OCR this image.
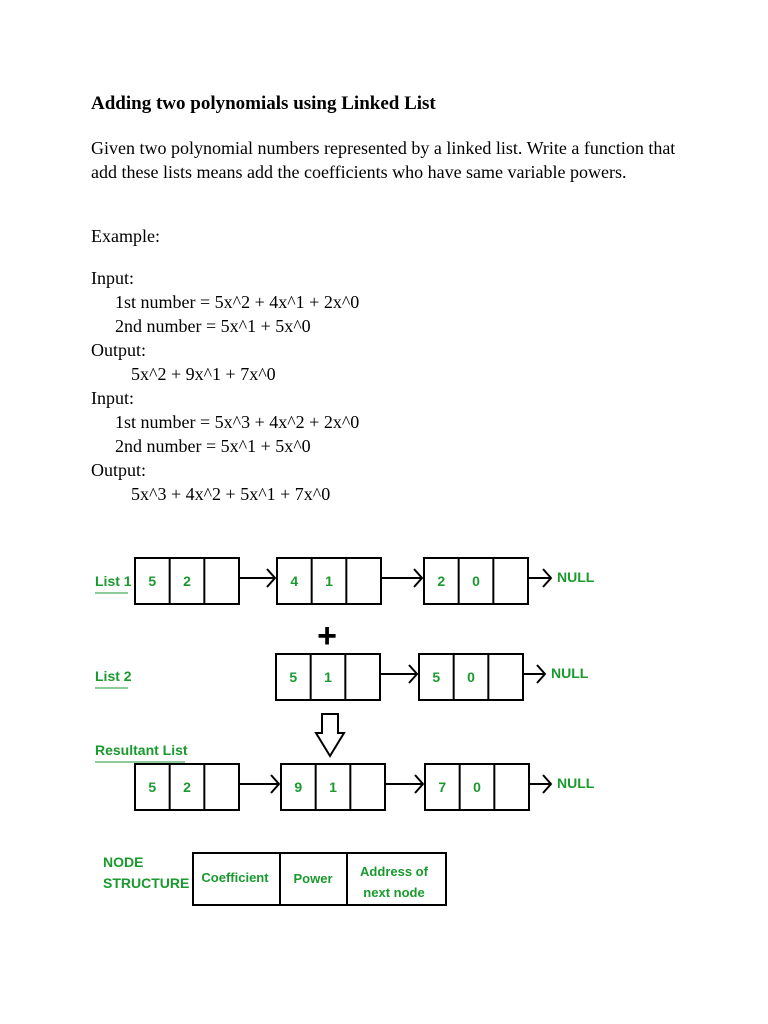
Adding two polynomials using Linked List

Given two polynomial numbers represented by a linked list. Write a function that add these lists means add the coefficients who have same variable powers.

Example:

Input:
1st number = 5x^2 + 4x^1 + 2x^0
2nd number = 5x^1 + 5x^0
Output:
5x^2 + 9x^1 + 7x^0
Input:
1st number = 5x^3 + 4x^2 + 2x^0
2nd number = 5x^1 + 5x^0
Output:
5x^3 + 4x^2 + 5x^1 + 7x^0
List 1 5 2	4 1	2 0	NULL
+
List 2	5 1	5 0	NULL
Resultant List
5 2	9 1	7 0	NULL
NODE
STRUCTURE Coefficient Power Address of
next node
